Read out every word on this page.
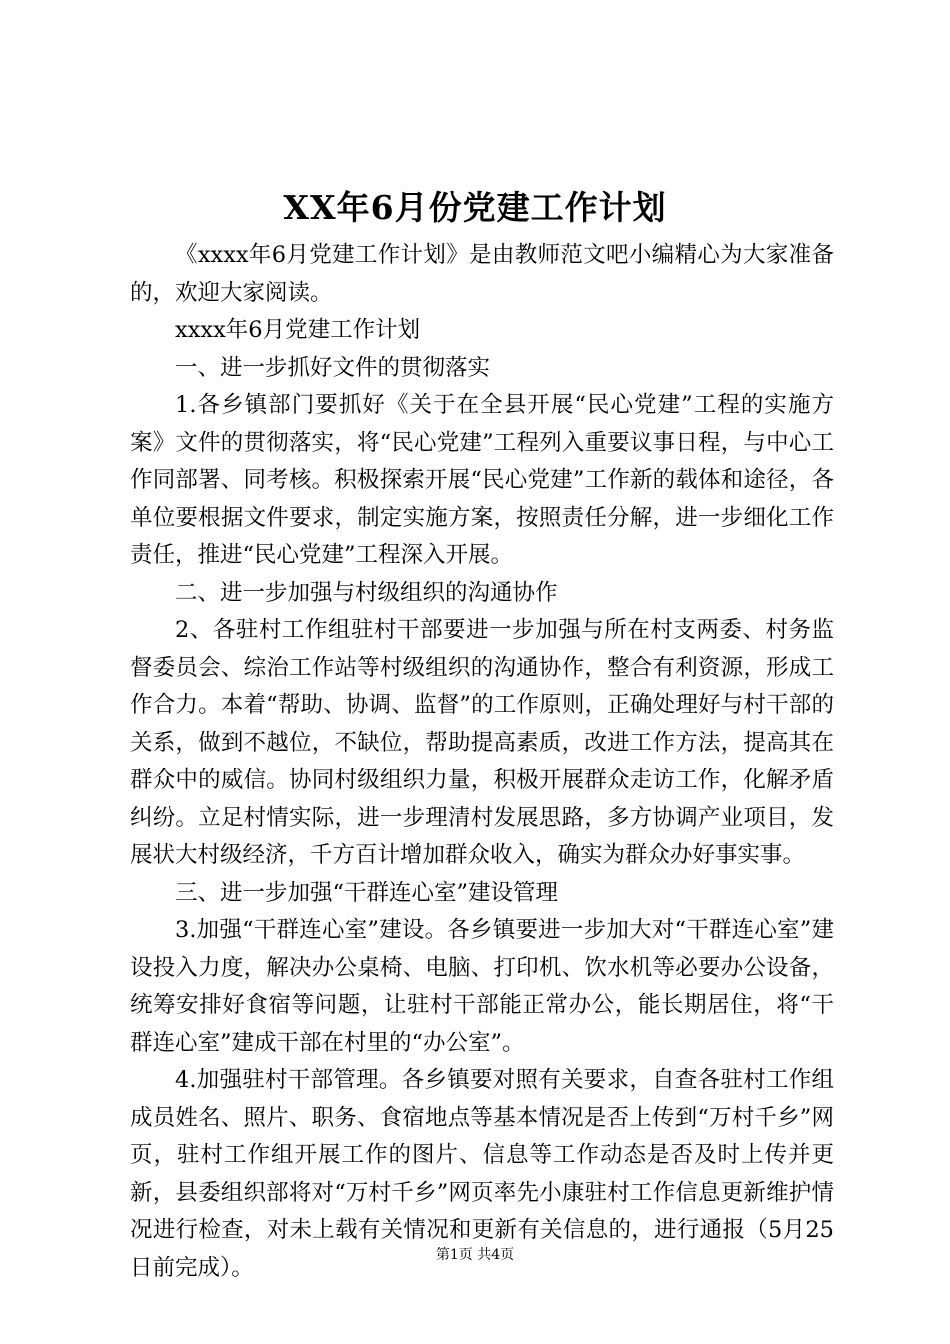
XX年6月份党建工作计划

《xxxx年6月党建工作计划》是由教师范文吧小编精心为大家准备的，欢迎大家阅读。

xxxx年6月党建工作计划

一、进一步抓好文件的贯彻落实

1.各乡镇部门要抓好《关于在全县开展“民心党建”工程的实施方案》文件的贯彻落实，将“民心党建”工程列入重要议事日程，与中心工作同部署、同考核。积极探索开展“民心党建”工作新的载体和途径，各单位要根据文件要求，制定实施方案，按照责任分解，进一步细化工作责任，推进“民心党建”工程深入开展。

二、进一步加强与村级组织的沟通协作

2、各驻村工作组驻村干部要进一步加强与所在村支两委、村务监督委员会、综治工作站等村级组织的沟通协作，整合有利资源，形成工作合力。本着“帮助、协调、监督”的工作原则，正确处理好与村干部的关系，做到不越位，不缺位，帮助提高素质，改进工作方法，提高其在群众中的威信。协同村级组织力量，积极开展群众走访工作，化解矛盾纠纷。立足村情实际，进一步理清村发展思路，多方协调产业项目，发展状大村级经济，千方百计增加群众收入，确实为群众办好事实事。

三、进一步加强“干群连心室”建设管理

3.加强“干群连心室”建设。各乡镇要进一步加大对“干群连心室”建设投入力度，解决办公桌椅、电脑、打印机、饮水机等必要办公设备，统筹安排好食宿等问题，让驻村干部能正常办公，能长期居住，将“干群连心室”建成干部在村里的“办公室”。

4.加强驻村干部管理。各乡镇要对照有关要求，自查各驻村工作组成员姓名、照片、职务、食宿地点等基本情况是否上传到“万村千乡”网页，驻村工作组开展工作的图片、信息等工作动态是否及时上传并更新，县委组织部将对“万村千乡”网页率先小康驻村工作信息更新维护情况进行检查，对未上载有关情况和更新有关信息的，进行通报（5月25日前完成）。	第1页 共4页
